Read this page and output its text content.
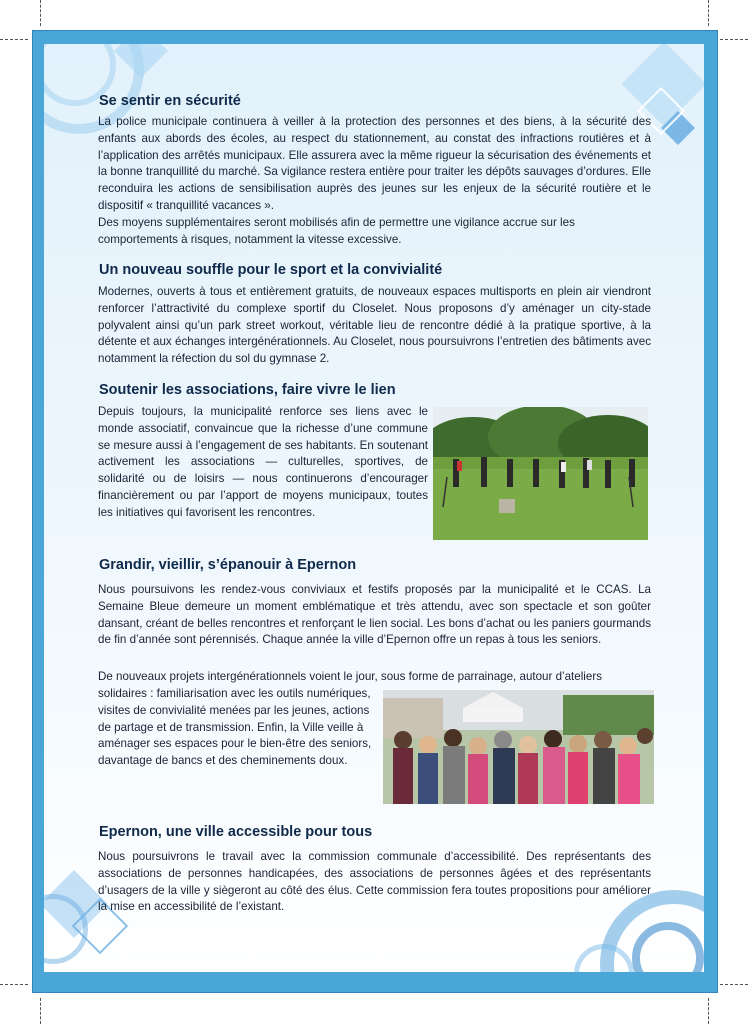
Se sentir en sécurité

La police municipale continuera à veiller à la protection des personnes et des biens, à la sécurité des enfants aux abords des écoles, au respect du stationnement, au constat des infractions routières et à l’application des arrêtés municipaux. Elle assurera avec la même rigueur la sécurisation des événements et la bonne tranquillité du marché. Sa vigilance restera entière pour traiter les dépôts sauvages d’ordures. Elle reconduira les actions de sensibilisation auprès des jeunes sur les enjeux de la sécurité routière et le dispositif « tranquillité vacances ».

Des moyens supplémentaires seront mobilisés afin de permettre une vigilance accrue sur les comportements à risques, notamment la vitesse excessive.

Un nouveau souffle pour le sport et la convivialité

Modernes, ouverts à tous et entièrement gratuits, de nouveaux espaces multisports en plein air viendront renforcer l’attractivité du complexe sportif du Closelet. Nous proposons d’y aménager un city-stade polyvalent ainsi qu’un park street workout, véritable lieu de rencontre dédié à la pratique sportive, à la détente et aux échanges intergénérationnels. Au Closelet, nous poursuivrons l’entretien des bâtiments avec notamment la réfection du sol du gymnase 2.

Soutenir les associations, faire vivre le lien

Depuis toujours, la municipalité renforce ses liens avec le monde associatif, convaincue que la richesse d’une commune se mesure aussi à l’engagement de ses habitants. En soutenant activement les associations — culturelles, sportives, de solidarité ou de loisirs — nous continuerons d’encourager financièrement ou par l’apport de moyens municipaux, toutes les initiatives qui favorisent les rencontres.

Grandir, vieillir, s’épanouir à Epernon

Nous poursuivons les rendez-vous conviviaux et festifs proposés par la municipalité et le CCAS. La Semaine Bleue demeure un moment emblématique et très attendu, avec son spectacle et son goûter dansant, créant de belles rencontres et renforçant le lien social. Les bons d’achat ou les paniers gourmands de fin d’année sont pérennisés. Chaque année la ville d’Epernon offre un repas à tous les seniors.

De nouveaux projets intergénérationnels voient le jour, sous forme de parrainage, autour d’ateliers

solidaires : familiarisation avec les outils numériques, visites de convivialité menées par les jeunes, actions de partage et de transmission. Enfin, la Ville veille à aménager ses espaces pour le bien-être des seniors, davantage de bancs et des cheminements doux.

Epernon, une ville accessible pour tous

Nous poursuivrons le travail avec la commission communale d’accessibilité. Des représentants des associations de personnes handicapées, des associations de personnes âgées et des représentants d’usagers de la ville y siègeront au côté des élus. Cette commission fera toutes propositions pour améliorer la mise en accessibilité de l’existant.
